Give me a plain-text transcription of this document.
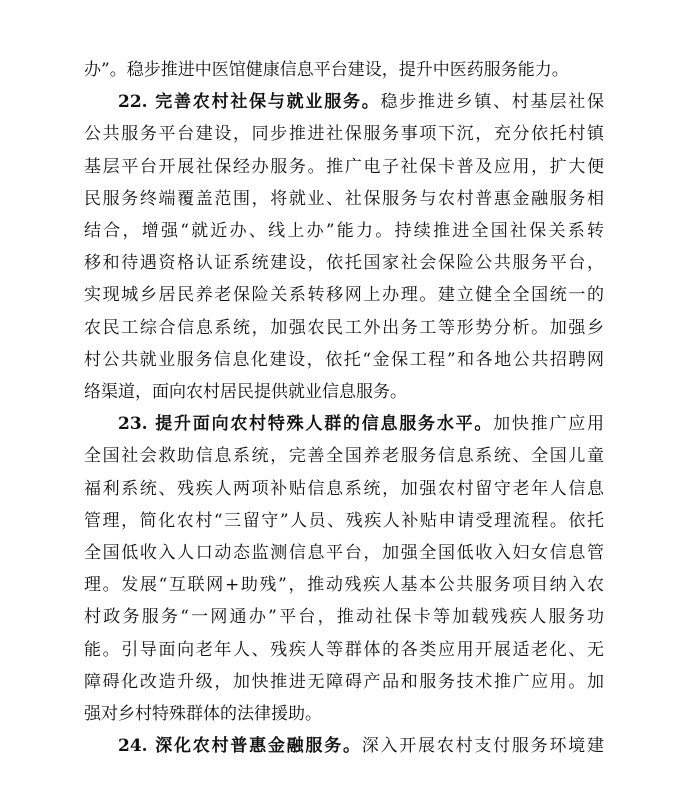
办”。稳步推进中医馆健康信息平台建设，提升中医药服务能力。
22. 完善农村社保与就业服务。稳步推进乡镇、村基层社保
公共服务平台建设，同步推进社保服务事项下沉，充分依托村镇
基层平台开展社保经办服务。推广电子社保卡普及应用，扩大便
民服务终端覆盖范围，将就业、社保服务与农村普惠金融服务相
结合，增强“就近办、线上办”能力。持续推进全国社保关系转
移和待遇资格认证系统建设，依托国家社会保险公共服务平台，
实现城乡居民养老保险关系转移网上办理。建立健全全国统一的
农民工综合信息系统，加强农民工外出务工等形势分析。加强乡
村公共就业服务信息化建设，依托“金保工程”和各地公共招聘网
络渠道，面向农村居民提供就业信息服务。
23. 提升面向农村特殊人群的信息服务水平。加快推广应用
全国社会救助信息系统，完善全国养老服务信息系统、全国儿童
福利系统、残疾人两项补贴信息系统，加强农村留守老年人信息
管理，简化农村“三留守”人员、残疾人补贴申请受理流程。依托
全国低收入人口动态监测信息平台，加强全国低收入妇女信息管
理。发展“互联网+助残”，推动残疾人基本公共服务项目纳入农
村政务服务“一网通办”平台，推动社保卡等加载残疾人服务功
能。引导面向老年人、残疾人等群体的各类应用开展适老化、无
障碍化改造升级，加快推进无障碍产品和服务技术推广应用。加
强对乡村特殊群体的法律援助。
24. 深化农村普惠金融服务。深入开展农村支付服务环境建
